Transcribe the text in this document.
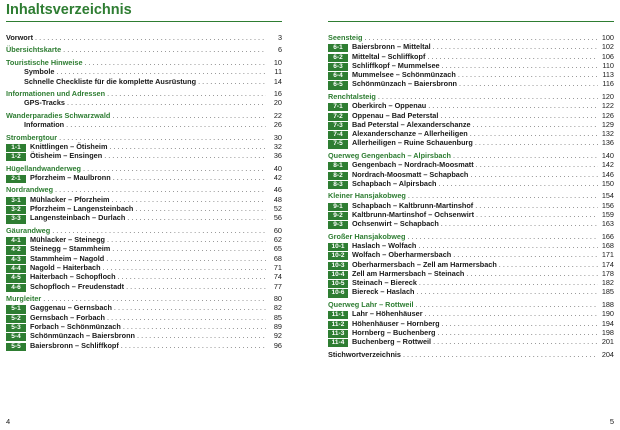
Inhaltsverzeichnis
Vorwort . . .	3
Übersichtskarte . . .	6
Touristische Hinweise . . .	10
Symbole . . .	11
Schnelle Checkliste für die komplette Ausrüstung . . .	14
Informationen und Adressen . . .	16
GPS-Tracks . . .	20
Wanderparadies Schwarzwald . . .	22
Information . . .	26
Strombergtour . . .	30
1-1	Knittlingen – Ötisheim . . .	32
1-2	Ötisheim – Ensingen . . .	36
Hügellandwanderweg . . .	40
2-1	Pforzheim – Maulbronn . . .	42
Nordrandweg . . .	46
3-1	Mühlacker – Pforzheim . . .	48
3-2	Pforzheim – Langensteinbach . . .	52
3-3	Langensteinbach – Durlach . . .	56
Gäurandweg . . .	60
4-1	Mühlacker – Steinegg . . .	62
4-2	Steinegg – Stammheim . . .	65
4-3	Stammheim – Nagold . . .	68
4-4	Nagold – Haiterbach . . .	71
4-5	Haiterbach – Schopfloch . . .	74
4-6	Schopfloch – Freudenstadt . . .	77
Murgleiter . . .	80
5-1	Gaggenau – Gernsbach . . .	82
5-2	Gernsbach – Forbach . . .	85
5-3	Forbach – Schönmünzach . . .	89
5-4	Schönmünzach – Baiersbronn . . .	92
5-5	Baiersbronn – Schliffkopf . . .	96
Seensteig . . .	100
6-1	Baiersbronn – Mitteltal . . .	102
6-2	Mitteltal – Schliffkopf . . .	106
6-3	Schliffkopf – Mummelsee . . .	110
6-4	Mummelsee – Schönmünzach . . .	113
6-5	Schönmünzach – Baiersbronn . . .	116
Renchtalsteig . . .	120
7-1	Oberkirch – Oppenau . . .	122
7-2	Oppenau – Bad Peterstal . . .	126
7-3	Bad Peterstal – Alexanderschanze . . .	129
7-4	Alexanderschanze – Allerheiligen . . .	132
7-5	Allerheiligen – Ruine Schauenburg . . .	136
Querweg Gengenbach – Alpirsbach . . .	140
8-1	Gengenbach – Nordrach-Moosmatt . . .	142
8-2	Nordrach-Moosmatt – Schapbach . . .	146
8-3	Schapbach – Alpirsbach . . .	150
Kleiner Hansjakobweg . . .	154
9-1	Schapbach – Kaltbrunn-Martinshof . . .	156
9-2	Kaltbrunn-Martinshof – Ochsenwirt . . .	159
9-3	Ochsenwirt – Schapbach . . .	163
Großer Hansjakobweg . . .	166
10-1	Haslach – Wolfach . . .	168
10-2	Wolfach – Oberharmersbach . . .	171
10-3	Oberharmersbach – Zell am Harmersbach . . .	174
10-4	Zell am Harmersbach – Steinach . . .	178
10-5	Steinach – Biereck . . .	182
10-6	Biereck – Haslach . . .	185
Querweg Lahr – Rottweil . . .	188
11-1	Lahr – Höhenhäuser . . .	190
11-2	Höhenhäuser – Hornberg . . .	194
11-3	Hornberg – Buchenberg . . .	198
11-4	Buchenberg – Rottweil . . .	201
Stichwortverzeichnis . . .	204
4	5
